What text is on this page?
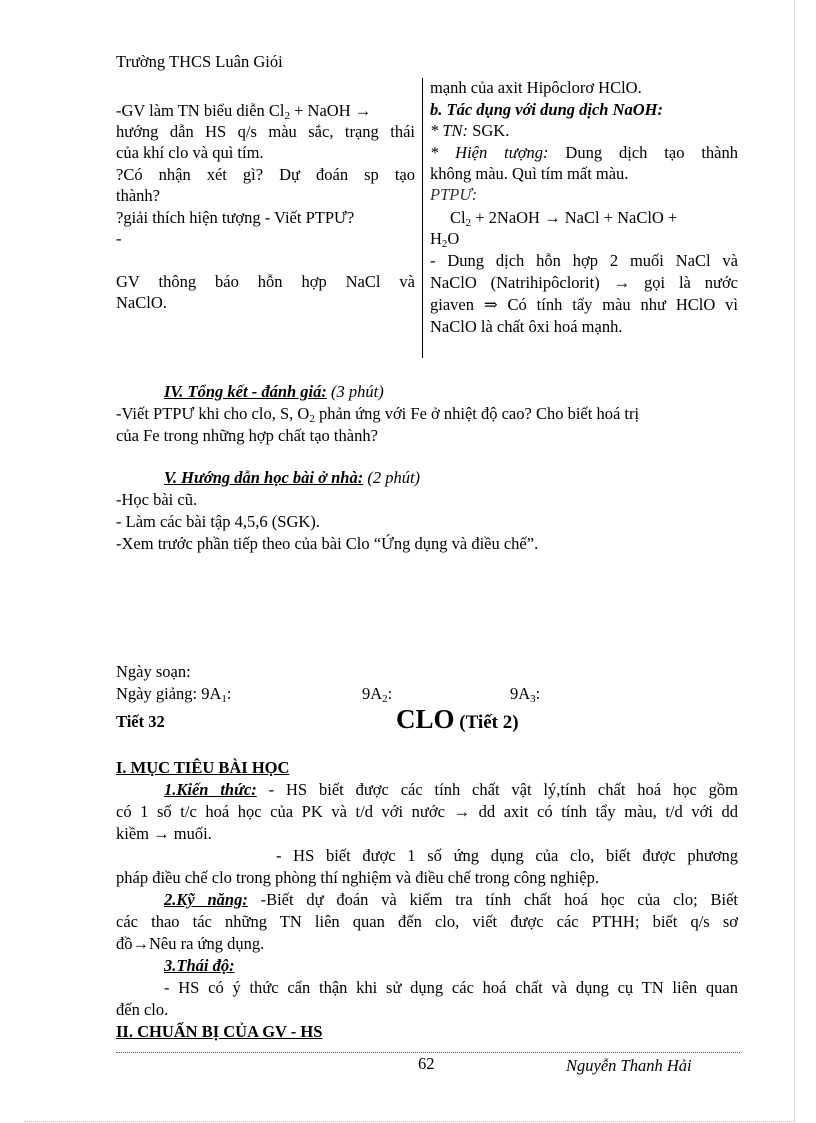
Trường THCS Luân Giói
-GV làm TN biểu diễn $Cl_2$ + NaOH →
hướng dẫn HS q/s màu sắc, trạng thái
của khí clo và quì tím.
?Có nhận xét gì? Dự đoán sp tạo
thành?
?giải thích hiện tượng - Viết PTPƯ?
-
GV thông báo hỗn hợp NaCl và
NaClO.
mạnh của axit Hipôclorơ HClO.
b. Tác dụng với dung dịch NaOH:
* TN: SGK.
* Hiện tượng: Dung dịch tạo thành
không màu. Quì tím mất màu.
PTPƯ:
$Cl_2$ + 2NaOH → NaCl + NaClO +
$H_2O$
- Dung dịch hỗn hợp 2 muối NaCl và
NaClO (Natrihipôclorit) → gọi là nước
giaven ⇒ Có tính tẩy màu như HClO vì
NaClO là chất ôxi hoá mạnh.
IV. Tổng kết - đánh giá: (3 phút)
-Viết PTPƯ khi cho clo, S, $O_2$ phản ứng với Fe ở nhiệt độ cao? Cho biết hoá trị
của Fe trong những hợp chất tạo thành?
V. Hướng dẫn học bài ở nhà: (2 phút)
-Học bài cũ.
- Làm các bài tập 4,5,6 (SGK).
-Xem trước phần tiếp theo của bài Clo “Ứng dụng và điều chế”.
Ngày soạn:
Ngày giảng: $9A_1$:	$9A_2$:	$9A_3$:
Tiết 32	CLO (Tiết 2)
I. MỤC TIÊU BÀI HỌC
1.Kiến thức: - HS biết được các tính chất vật lý,tính chất hoá học gồm
có 1 số t/c hoá học của PK và t/d với nước → dd axit có tính tẩy màu, t/d với dd
kiềm → muối.
- HS biết được 1 số ứng dụng của clo, biết được phương
pháp điều chế clo trong phòng thí nghiệm và điều chế trong công nghiệp.
2.Kỹ năng: -Biết dự đoán và kiểm tra tính chất hoá học của clo; Biết
các thao tác những TN liên quan đến clo, viết được các PTHH; biết q/s sơ
đồ→Nêu ra ứng dụng.
3.Thái độ:
- HS có ý thức cẩn thận khi sử dụng các hoá chất và dụng cụ TN liên quan
đến clo.
II. CHUẨN BỊ CỦA GV - HS
62	Nguyễn Thanh Hải
